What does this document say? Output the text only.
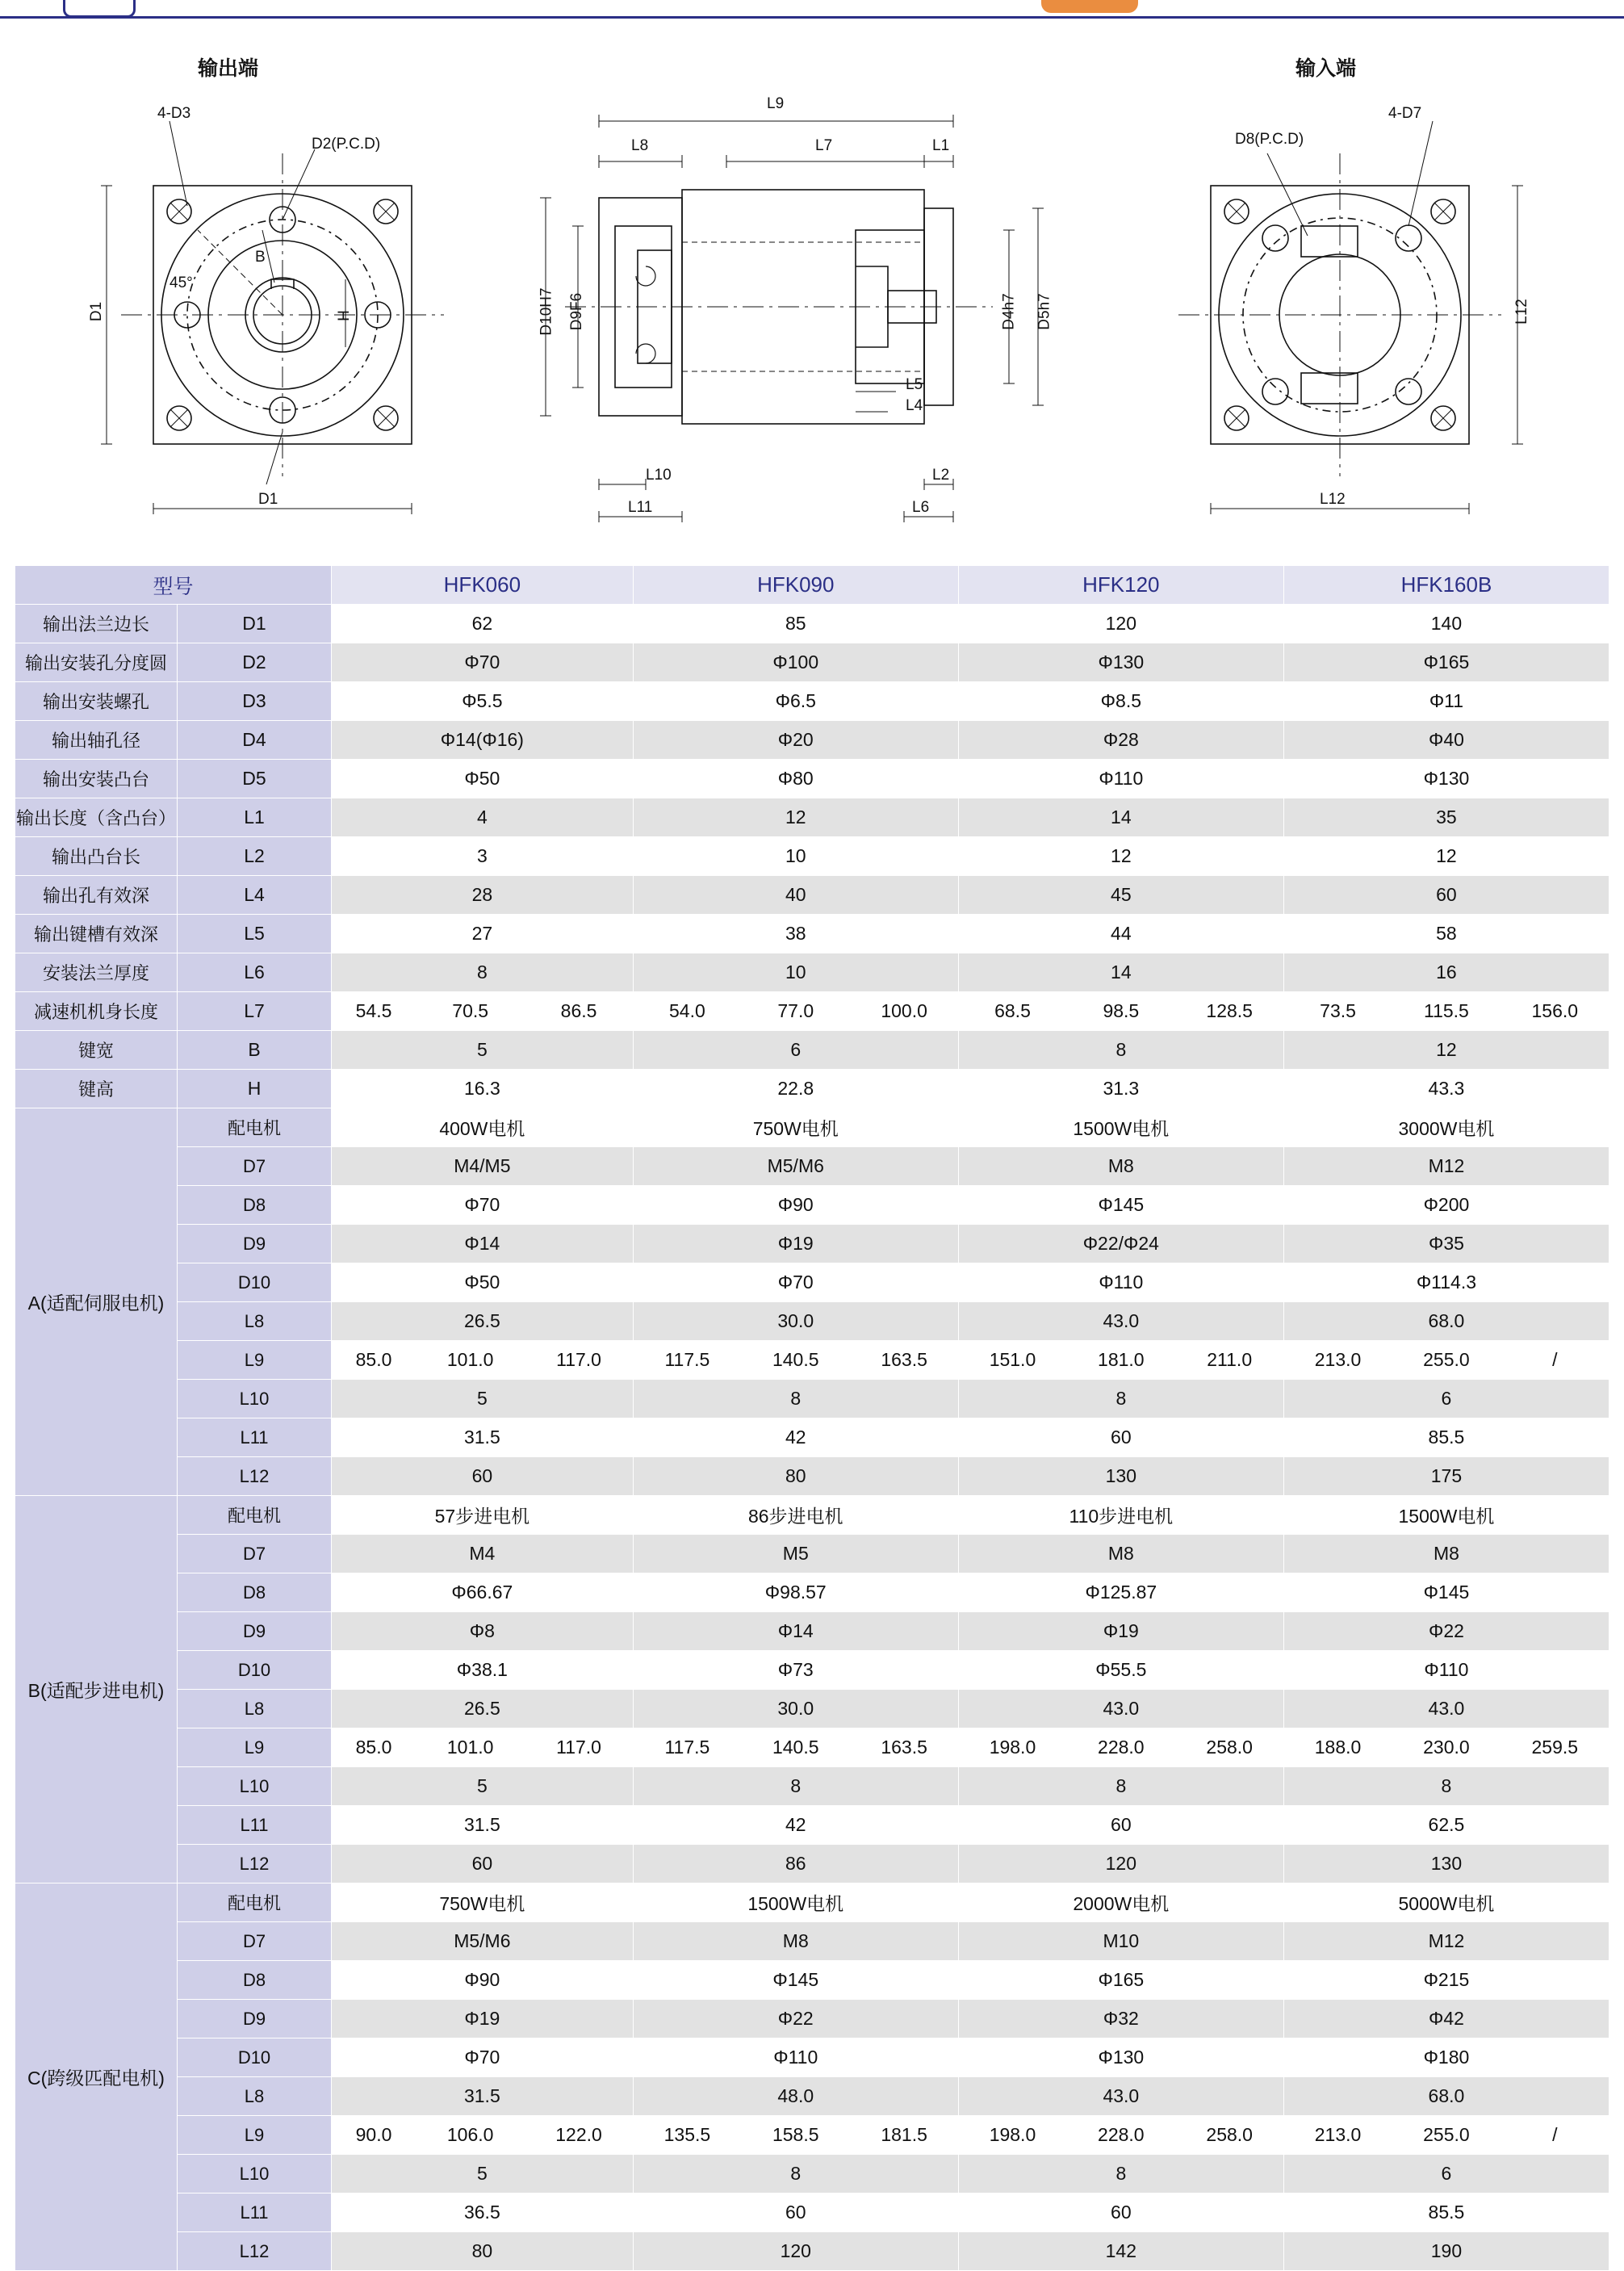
输出端	输入端
4-D3
D2(P.C.D)
B
45°
D1	H
D1
L9
L8	L7	L1
D10H7 D9F6	D4h7 D5h7
L5
L4
L10
L11
L2
L6
4-D7
D8(P.C.D)
L12
L12
型号		HFK060			HFK090			HFK120			HFK160B		
输出法兰边长	D1	62			85			120			140		
输出安装孔分度圆	D2	Φ70			Φ100			Φ130			Φ165		
输出安装螺孔	D3	Φ5.5			Φ6.5			Φ8.5			Φ11		
输出轴孔径	D4	Φ14(Φ16)			Φ20			Φ28			Φ40		
输出安装凸台	D5	Φ50			Φ80			Φ110			Φ130		
输出长度（含凸台）	L1	4			12			14			35		
输出凸台长	L2	3			10			12			12		
输出孔有效深	L4	28			40			45			60		
输出键槽有效深	L5	27			38			44			58		
安装法兰厚度	L6	8			10			14			16		
减速机机身长度	L7	54.5	70.5	86.5	54.0	77.0	100.0	68.5	98.5	128.5	73.5	115.5	156.0
键宽	B	5			6			8			12		
键高	H	16.3			22.8			31.3			43.3		
A(适配伺服电机)	配电机	400W电机			750W电机			1500W电机			3000W电机		
	D7	M4/M5			M5/M6			M8			M12		
	D8	Φ70			Φ90			Φ145			Φ200		
	D9	Φ14			Φ19			Φ22/Φ24			Φ35		
	D10	Φ50			Φ70			Φ110			Φ114.3		
	L8	26.5			30.0			43.0			68.0		
	L9	85.0	101.0	117.0	117.5	140.5	163.5	151.0	181.0	211.0	213.0	255.0	/
	L10	5			8			8			6		
	L11	31.5			42			60			85.5		
	L12	60			80			130			175		
B(适配步进电机)	配电机	57步进电机			86步进电机			110步进电机			1500W电机		
	D7	M4			M5			M8			M8		
	D8	Φ66.67			Φ98.57			Φ125.87			Φ145		
	D9	Φ8			Φ14			Φ19			Φ22		
	D10	Φ38.1			Φ73			Φ55.5			Φ110		
	L8	26.5			30.0			43.0			43.0		
	L9	85.0	101.0	117.0	117.5	140.5	163.5	198.0	228.0	258.0	188.0	230.0	259.5
	L10	5			8			8			8		
	L11	31.5			42			60			62.5		
	L12	60			86			120			130		
C(跨级匹配电机)	配电机	750W电机			1500W电机			2000W电机			5000W电机		
	D7	M5/M6			M8			M10			M12		
	D8	Φ90			Φ145			Φ165			Φ215		
	D9	Φ19			Φ22			Φ32			Φ42		
	D10	Φ70			Φ110			Φ130			Φ180		
	L8	31.5			48.0			43.0			68.0		
	L9	90.0	106.0	122.0	135.5	158.5	181.5	198.0	228.0	258.0	213.0	255.0	/
	L10	5			8			8			6		
	L11	36.5			60			60			85.5		
	L12	80			120			142			190		
